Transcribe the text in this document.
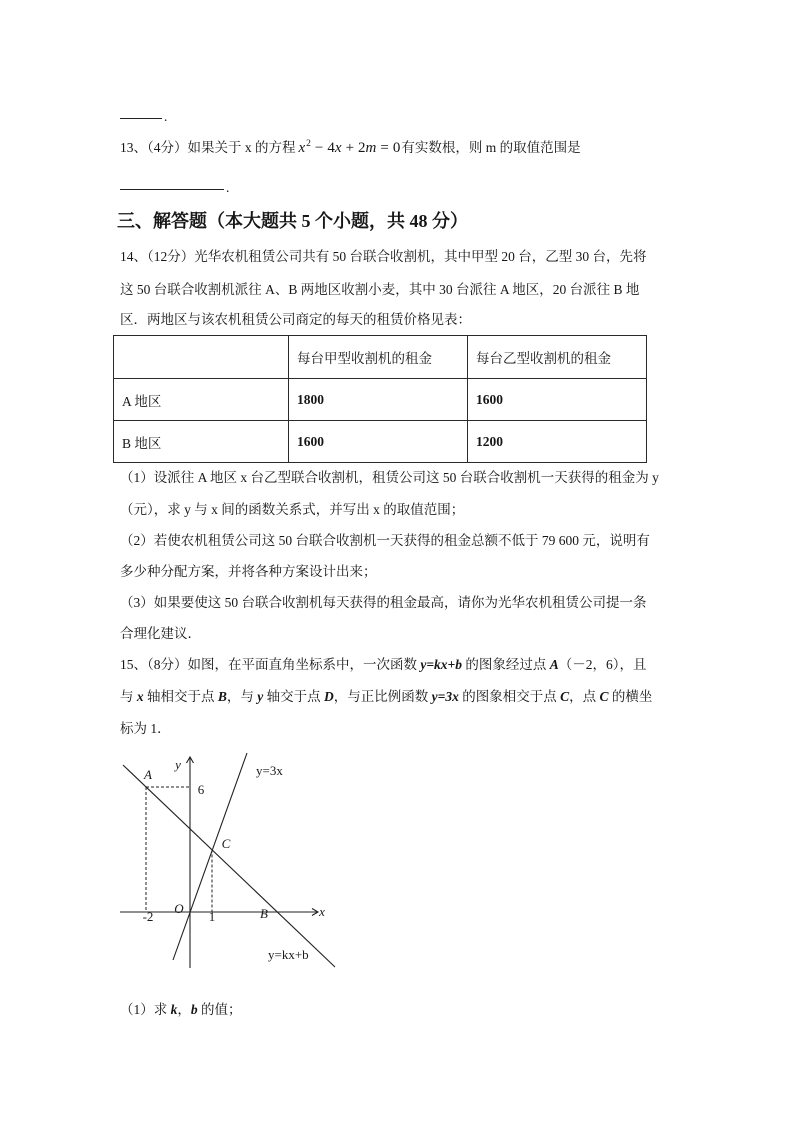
.
13、（4分）如果关于 x 的方程 $x^2 - 4x + 2m = 0$有实数根，则 m 的取值范围是
.
三、解答题（本大题共 5 个小题，共 48 分）
14、（12分）光华农机租赁公司共有 50 台联合收割机，其中甲型 20 台，乙型 30 台，先将
这 50 台联合收割机派往 A、B 两地区收割小麦，其中 30 台派往 A 地区，20 台派往 B 地
区．两地区与该农机租赁公司商定的每天的租赁价格见表：
	每台甲型收割机的租金	每台乙型收割机的租金
A 地区	1800	1600
B 地区	1600	1200
（1）设派往 A 地区 x 台乙型联合收割机，租赁公司这 50 台联合收割机一天获得的租金为 y
（元），求 y 与 x 间的函数关系式，并写出 x 的取值范围；
（2）若使农机租赁公司这 50 台联合收割机一天获得的租金总额不低于 79 600 元，说明有
多少种分配方案，并将各种方案设计出来；
（3）如果要使这 50 台联合收割机每天获得的租金最高，请你为光华农机租赁公司提一条
合理化建议．
15、（8分）如图，在平面直角坐标系中，一次函数 y=kx+b 的图象经过点 A（－2，6），且
与 x 轴相交于点 B，与 y 轴交于点 D，与正比例函数 y=3x 的图象相交于点 C，点 C 的横坐
标为 1．
y
x
O
A
B
C
6
-2	1
y=3x
y=kx+b
（1）求 k，b 的值；
